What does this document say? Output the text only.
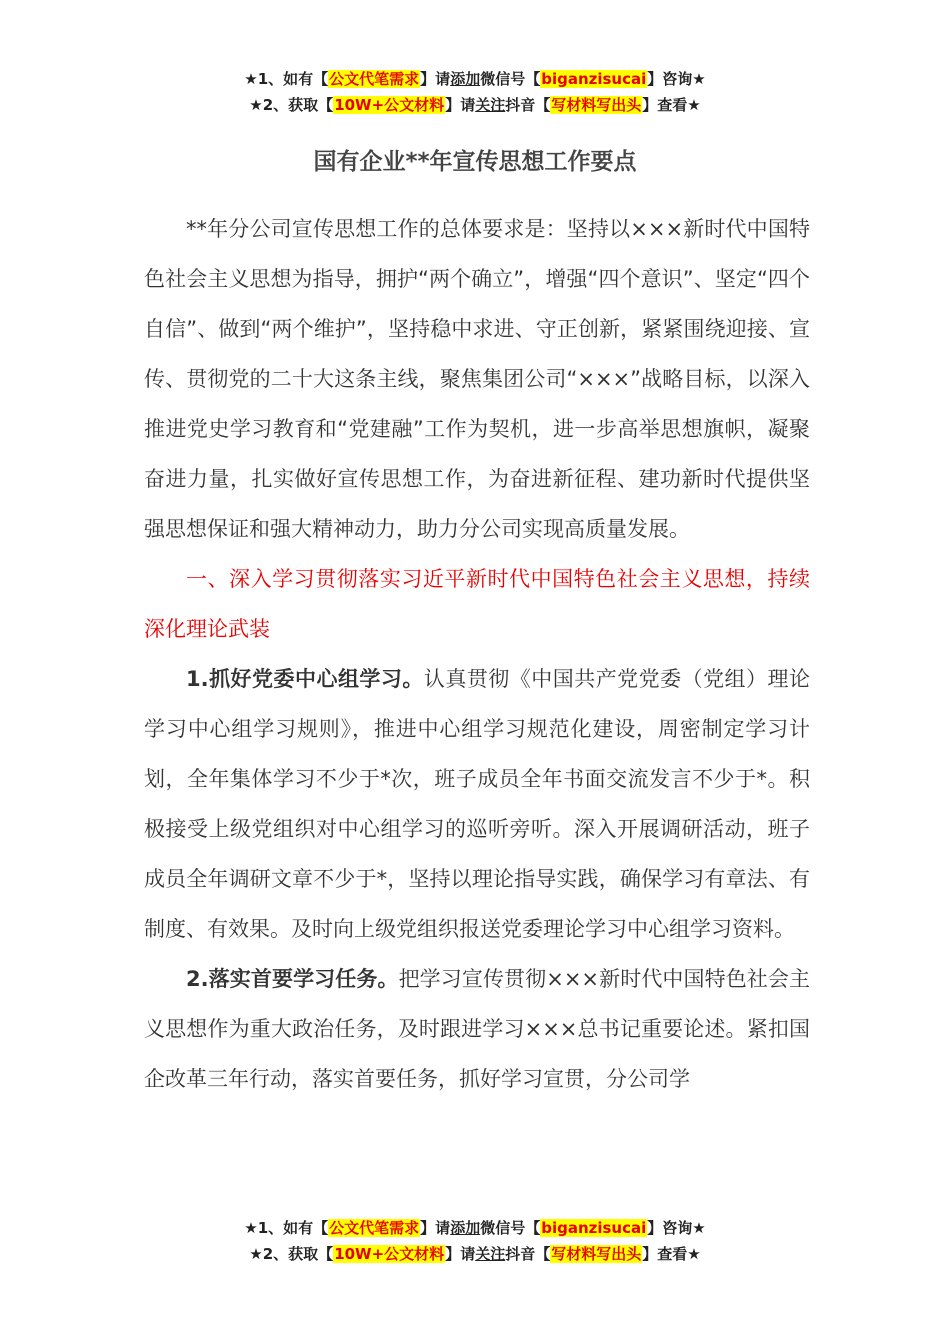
★1、如有【公文代笔需求】请添加微信号【biganzisucai】咨询★
★2、获取【10W+公文材料】请关注抖音【写材料写出头】查看★
国有企业**年宣传思想工作要点

**年分公司宣传思想工作的总体要求是：坚持以×××新时代中国特色社会主义思想为指导，拥护“两个确立”，增强“四个意识”、坚定“四个自信”、做到“两个维护”，坚持稳中求进、守正创新，紧紧围绕迎接、宣传、贯彻党的二十大这条主线，聚焦集团公司“×××”战略目标，以深入推进党史学习教育和“党建融”工作为契机，进一步高举思想旗帜，凝聚奋进力量，扎实做好宣传思想工作，为奋进新征程、建功新时代提供坚强思想保证和强大精神动力，助力分公司实现高质量发展。

一、深入学习贯彻落实习近平新时代中国特色社会主义思想，持续深化理论武装

1.抓好党委中心组学习。认真贯彻《中国共产党党委（党组）理论学习中心组学习规则》，推进中心组学习规范化建设，周密制定学习计划，全年集体学习不少于*次，班子成员全年书面交流发言不少于*。积极接受上级党组织对中心组学习的巡听旁听。深入开展调研活动，班子成员全年调研文章不少于*，坚持以理论指导实践，确保学习有章法、有制度、有效果。及时向上级党组织报送党委理论学习中心组学习资料。

2.落实首要学习任务。把学习宣传贯彻×××新时代中国特色社会主义思想作为重大政治任务，及时跟进学习×××总书记重要论述。紧扣国企改革三年行动，落实首要任务，抓好学习宣贯，分公司学

★1、如有【公文代笔需求】请添加微信号【biganzisucai】咨询★
★2、获取【10W+公文材料】请关注抖音【写材料写出头】查看★
